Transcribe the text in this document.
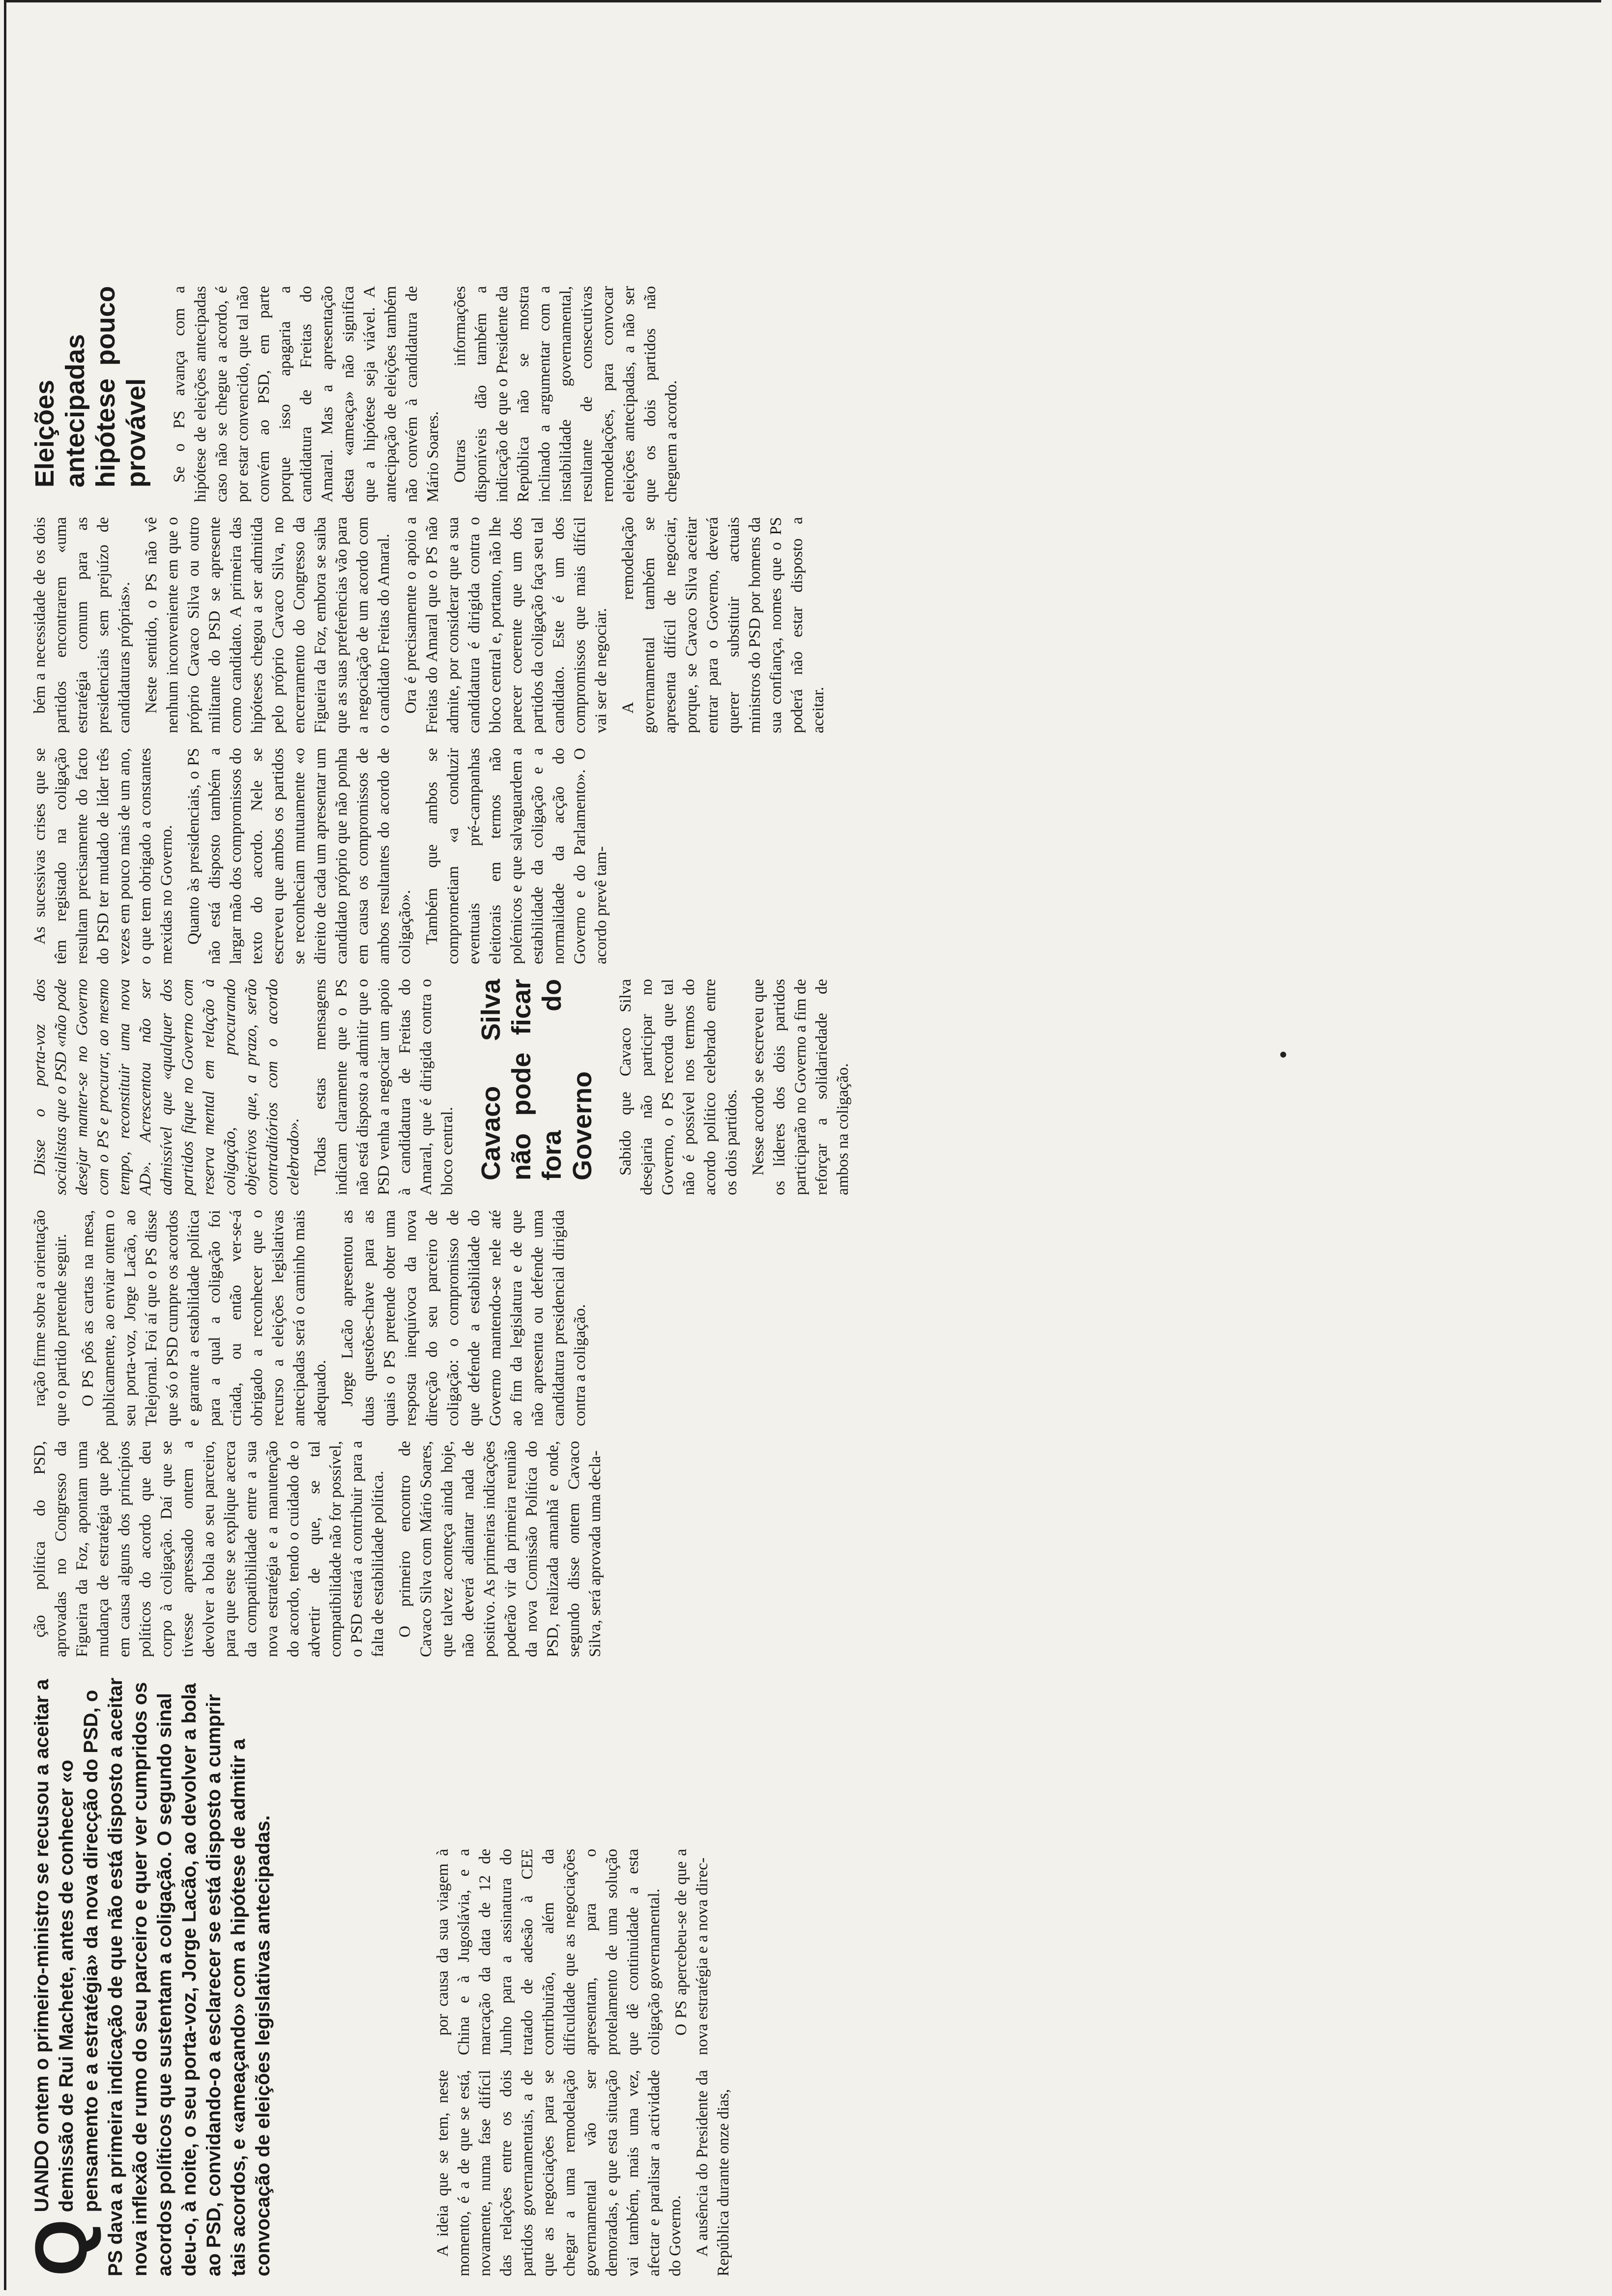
Q
UANDO ontem o primeiro-ministro se recusou a aceitar a demissão de Rui Machete, antes de conhecer «o pensamento e a estratégia» da nova direcção do PSD, o PS dava a primeira indicação de que não está disposto a aceitar nova inflexão de rumo do seu parceiro e quer ver cumpridos os acordos políticos que sustentam a coligação. O segundo sinal deu-o, à noite, o seu porta-voz, Jorge Lacão, ao devolver a bola ao PSD, convidando-o a esclarecer se está disposto a cumprir tais acordos, e «ameaçando» com a hipótese de admitir a convocação de eleições legislativas antecipadas.	A ideia que se tem, neste momento, é a de que se está, novamente, numa fase difícil das relações entre os dois partidos governamentais, a de que as negociações para se chegar a uma remodelação governamental vão ser demoradas, e que esta situação vai também, mais uma vez, afectar e paralisar a actividade do Governo. A ausência do Presidente da República durante onze dias,

por causa da sua viagem à China e à Jugoslávia, e a marcação da data de 12 de Junho para a assinatura do tratado de adesão à CEE contribuirão, além da dificuldade que as negociações apresentam, para o protelamento de uma solução que dê continuidade a esta coligação governamental. O PS apercebeu-se de que a nova estratégia e a nova direc-

ção política do PSD, aprovadas no Congresso da Figueira da Foz, apontam uma mudança de estratégia que põe em causa alguns dos princípios políticos do acordo que deu corpo à coligação. Daí que se tivesse apressado ontem a devolver a bola ao seu parceiro, para que este se explique acerca da compatibilidade entre a sua nova estratégia e a manutenção do acordo, tendo o cuidado de o advertir de que, se tal compatibilidade não for possível, o PSD estará a contribuir para a falta de estabilidade política. O primeiro encontro de Cavaco Silva com Mário Soares, que talvez aconteça ainda hoje, não deverá adiantar nada de positivo. As primeiras indicações poderão vir da primeira reunião da nova Comissão Política do PSD, realizada amanhã e onde, segundo disse ontem Cavaco Silva, será aprovada uma decla-

ração firme sobre a orientação que o partido pretende seguir. O PS pôs as cartas na mesa, publicamente, ao enviar ontem o seu porta-voz, Jorge Lacão, ao Telejornal. Foi aí que o PS disse que só o PSD cumpre os acordos e garante a estabilidade política para a qual a coligação foi criada, ou então ver-se-á obrigado a reconhecer que o recurso a eleições legislativas antecipadas será o caminho mais adequado. Jorge Lacão apresentou as duas questões-chave para as quais o PS pretende obter uma resposta inequívoca da nova direcção do seu parceiro de coligação: o compromisso de que defende a estabilidade do Governo mantendo-se nele até ao fim da legislatura e de que não apresenta ou defende uma candidatura presidencial dirigida contra a coligação.

Disse o porta-voz dos socialistas que o PSD «não pode desejar manter-se no Governo com o PS e procurar, ao mesmo tempo, reconstituir uma nova AD». Acrescentou não ser admissível que «qualquer dos partidos fique no Governo com reserva mental em relação à coligação, procurando objectivos que, a prazo, serão contraditórios com o acordo celebrado». Todas estas mensagens indicam claramente que o PS não está disposto a admitir que o PSD venha a negociar um apoio à candidatura de Freitas do Amaral, que é dirigida contra o bloco central. Cavaco Silva não pode ficar fora do Governo Sabido que Cavaco Silva desejaria não participar no Governo, o PS recorda que tal não é possível nos termos do acordo político celebrado entre os dois partidos. Nesse acordo se escreveu que os líderes dos dois partidos participarão no Governo a fim de reforçar a solidariedade de ambos na coligação.

As sucessivas crises que se têm registado na coligação resultam precisamente do facto do PSD ter mudado de líder três vezes em pouco mais de um ano, o que tem obrigado a constantes mexidas no Governo. Quanto às presidenciais, o PS não está disposto também a largar mão dos compromissos do texto do acordo. Nele se escreveu que ambos os partidos se reconheciam mutuamente «o direito de cada um apresentar um candidato próprio que não ponha em causa os compromissos de ambos resultantes do acordo de coligação». Também que ambos se comprometiam «a conduzir eventuais pré-campanhas eleitorais em termos não polémicos e que salvaguardem a estabilidade da coligação e a normalidade da acção do Governo e do Parlamento». O acordo prevê tam-

bém a necessidade de os dois partidos encontrarem «uma estratégia comum para as presidenciais sem prejuízo de candidaturas próprias». Neste sentido, o PS não vê nenhum inconveniente em que o próprio Cavaco Silva ou outro militante do PSD se apresente como candidato. A primeira das hipóteses chegou a ser admitida pelo próprio Cavaco Silva, no encerramento do Congresso da Figueira da Foz, embora se saiba que as suas preferências vão para a negociação de um acordo com o candidato Freitas do Amaral. Ora é precisamente o apoio a Freitas do Amaral que o PS não admite, por considerar que a sua candidatura é dirigida contra o bloco central e, portanto, não lhe parecer coerente que um dos partidos da coligação faça seu tal candidato. Este é um dos compromissos que mais difícil vai ser de negociar. A remodelação governamental também se apresenta difícil de negociar, porque, se Cavaco Silva aceitar entrar para o Governo, deverá querer substituir actuais ministros do PSD por homens da sua confiança, nomes que o PS poderá não estar disposto a aceitar.

Eleições antecipadas hipótese pouco provável Se o PS avança com a hipótese de eleições antecipadas caso não se chegue a acordo, é por estar convencido, que tal não convém ao PSD, em parte porque isso apagaria a candidatura de Freitas do Amaral. Mas a apresentação desta «ameaça» não significa que a hipótese seja viável. A antecipação de eleições também não convém à candidatura de Mário Soares. Outras informações disponíveis dão também a indicação de que o Presidente da República não se mostra inclinado a argumentar com a instabilidade governamental, resultante de consecutivas remodelações, para convocar eleições antecipadas, a não ser que os dois partidos não cheguem a acordo.
